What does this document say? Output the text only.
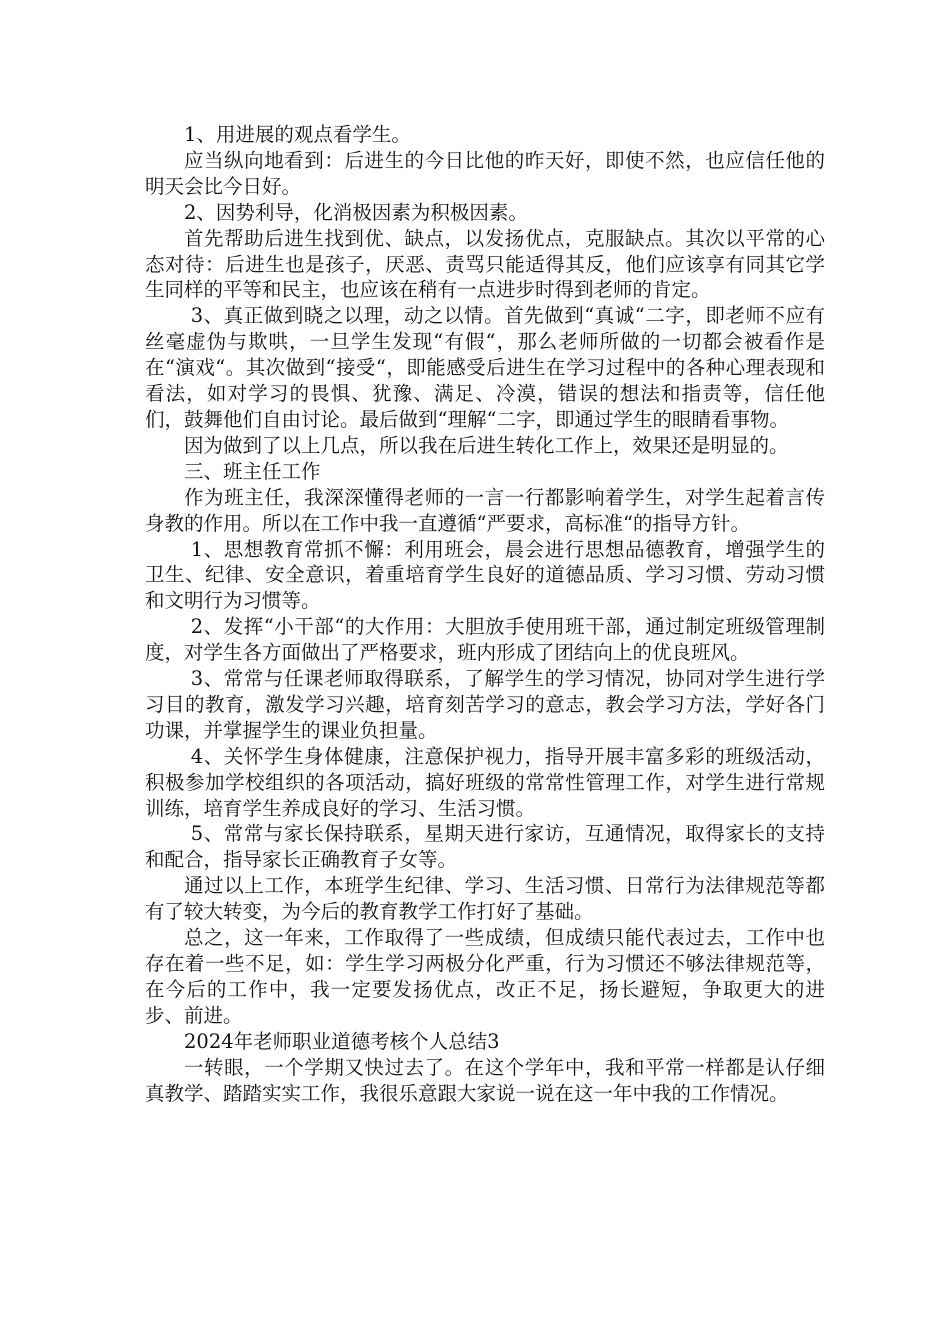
1、用进展的观点看学生。

应当纵向地看到：后进生的今日比他的昨天好，即使不然，也应信任他的明天会比今日好。

2、因势利导，化消极因素为积极因素。

首先帮助后进生找到优、缺点，以发扬优点，克服缺点。其次以平常的心态对待：后进生也是孩子，厌恶、责骂只能适得其反，他们应该享有同其它学生同样的平等和民主，也应该在稍有一点进步时得到老师的肯定。

3、真正做到晓之以理，动之以情。首先做到“真诚“二字，即老师不应有丝毫虚伪与欺哄，一旦学生发现“有假“，那么老师所做的一切都会被看作是在“演戏“。其次做到“接受“，即能感受后进生在学习过程中的各种心理表现和看法，如对学习的畏惧、犹豫、满足、冷漠，错误的想法和指责等，信任他们，鼓舞他们自由讨论。最后做到“理解“二字，即通过学生的眼睛看事物。

因为做到了以上几点，所以我在后进生转化工作上，效果还是明显的。

三、班主任工作

作为班主任，我深深懂得老师的一言一行都影响着学生，对学生起着言传身教的作用。所以在工作中我一直遵循“严要求，高标准“的指导方针。

1、思想教育常抓不懈：利用班会，晨会进行思想品德教育，增强学生的卫生、纪律、安全意识，着重培育学生良好的道德品质、学习习惯、劳动习惯和文明行为习惯等。

2、发挥“小干部“的大作用：大胆放手使用班干部，通过制定班级管理制度，对学生各方面做出了严格要求，班内形成了团结向上的优良班风。

3、常常与任课老师取得联系，了解学生的学习情况，协同对学生进行学习目的教育，激发学习兴趣，培育刻苦学习的意志，教会学习方法，学好各门功课，并掌握学生的课业负担量。

4、关怀学生身体健康，注意保护视力，指导开展丰富多彩的班级活动，积极参加学校组织的各项活动，搞好班级的常常性管理工作，对学生进行常规训练，培育学生养成良好的学习、生活习惯。

5、常常与家长保持联系，星期天进行家访，互通情况，取得家长的支持和配合，指导家长正确教育子女等。

通过以上工作，本班学生纪律、学习、生活习惯、日常行为法律规范等都有了较大转变，为今后的教育教学工作打好了基础。

总之，这一年来，工作取得了一些成绩，但成绩只能代表过去，工作中也存在着一些不足，如：学生学习两极分化严重，行为习惯还不够法律规范等，在今后的工作中，我一定要发扬优点，改正不足，扬长避短，争取更大的进步、前进。

2024年老师职业道德考核个人总结3

一转眼，一个学期又快过去了。在这个学年中，我和平常一样都是认仔细真教学、踏踏实实工作，我很乐意跟大家说一说在这一年中我的工作情况。
